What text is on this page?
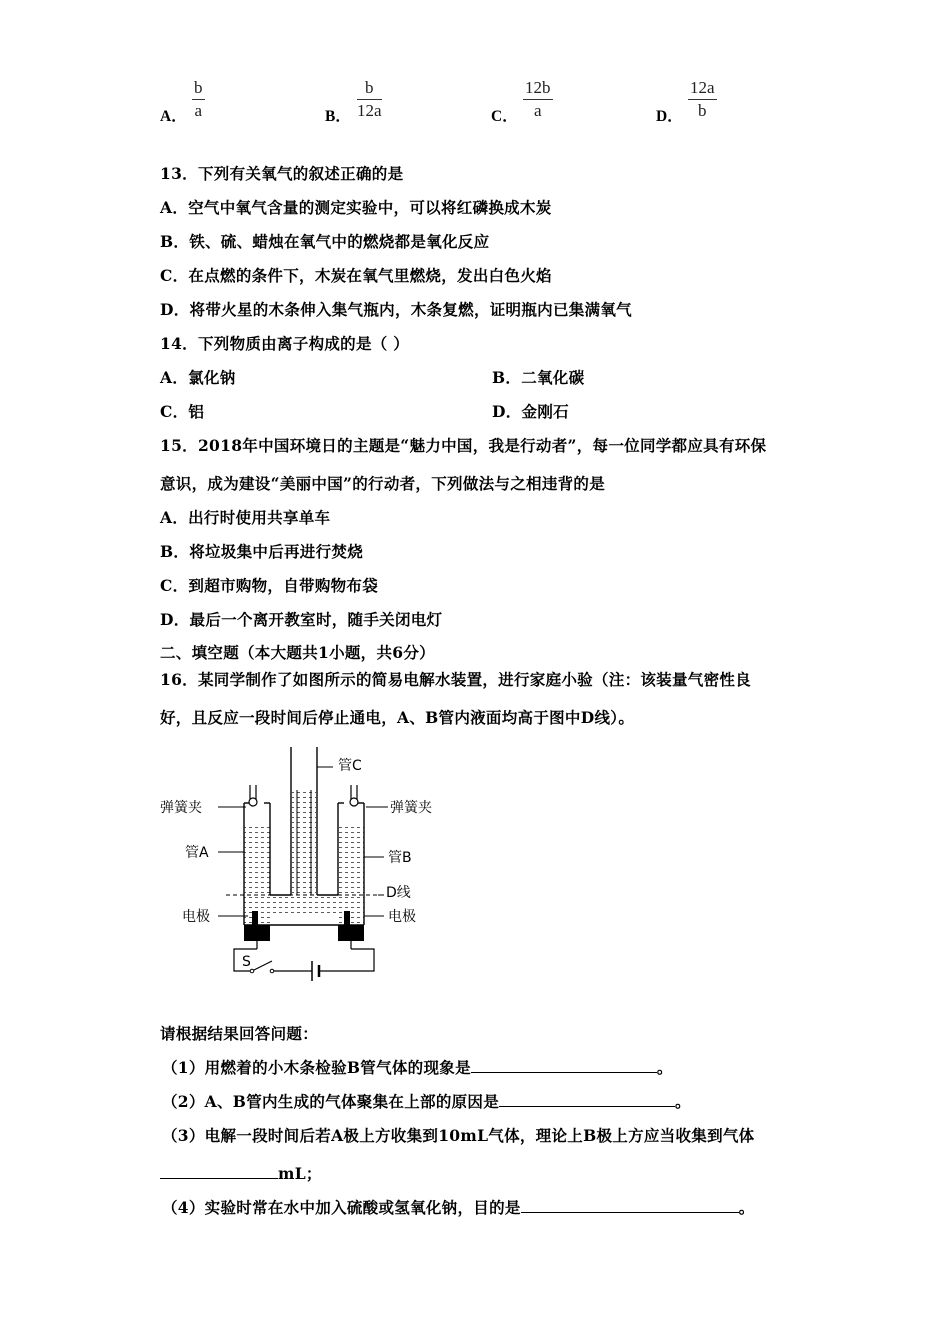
A． $\frac{b}{a}$	B． $\frac{b}{12a}$	C． $\frac{12b}{a}$	D． $\frac{12a}{b}$
13．下列有关氧气的叙述正确的是
A．空气中氧气含量的测定实验中，可以将红磷换成木炭
B．铁、硫、蜡烛在氧气中的燃烧都是氧化反应
C．在点燃的条件下，木炭在氧气里燃烧，发出白色火焰
D．将带火星的木条伸入集气瓶内，木条复燃，证明瓶内已集满氧气
14．下列物质由离子构成的是（ ）
A．氯化钠	B．二氧化碳
C．铝	D．金刚石
15．2018年中国环境日的主题是“魅力中国，我是行动者”，每一位同学都应具有环保
意识，成为建设“美丽中国”的行动者，下列做法与之相违背的是
A．出行时使用共享单车
B．将垃圾集中后再进行焚烧
C．到超市购物，自带购物布袋
D．最后一个离开教室时，随手关闭电灯
二、填空题（本大题共1小题，共6分）
16．某同学制作了如图所示的简易电解水装置，进行家庭小验（注：该装量气密性良
好，且反应一段时间后停止通电，A、B管内液面均高于图中D线）。
管C
弹簧夹	弹簧夹
管A	管B
D线
电极	电极
S
请根据结果回答问题：
（1）用燃着的小木条检验B管气体的现象是	。
（2）A、B管内生成的气体聚集在上部的原因是	。
（3）电解一段时间后若A极上方收集到10mL气体，理论上B极上方应当收集到气体
mL；
（4）实验时常在水中加入硫酸或氢氧化钠，目的是	。
